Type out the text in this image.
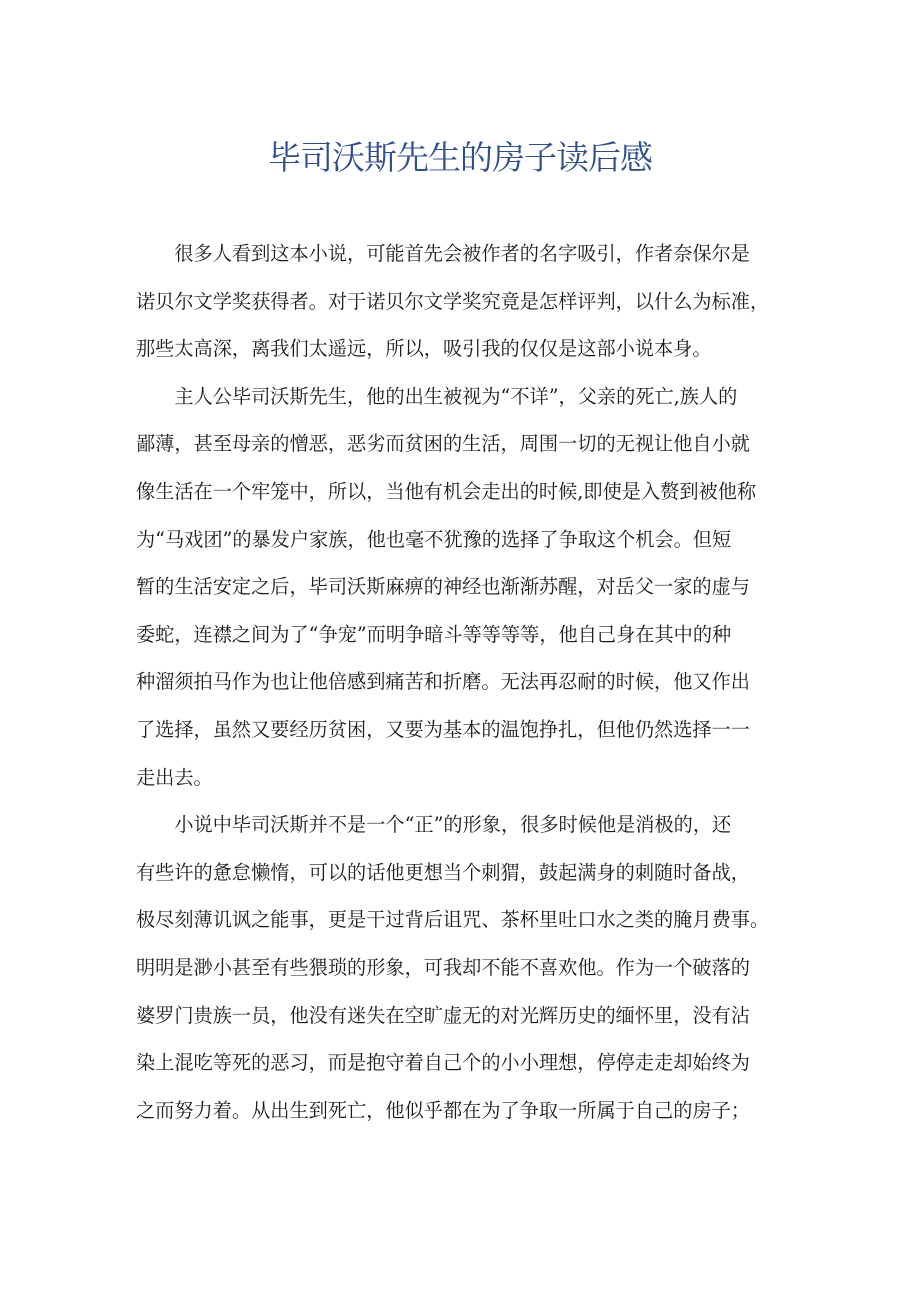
毕司沃斯先生的房子读后感
　　很多人看到这本小说，可能首先会被作者的名字吸引，作者奈保尔是
诺贝尔文学奖获得者。对于诺贝尔文学奖究竟是怎样评判，以什么为标准，
那些太高深，离我们太遥远，所以，吸引我的仅仅是这部小说本身。
　　主人公毕司沃斯先生，他的出生被视为“不详”，父亲的死亡,族人的
鄙薄，甚至母亲的憎恶，恶劣而贫困的生活，周围一切的无视让他自小就
像生活在一个牢笼中，所以，当他有机会走出的时候,即使是入赘到被他称
为“马戏团”的暴发户家族，他也毫不犹豫的选择了争取这个机会。但短
暂的生活安定之后，毕司沃斯麻痹的神经也渐渐苏醒，对岳父一家的虚与
委蛇，连襟之间为了“争宠”而明争暗斗等等等等，他自己身在其中的种
种溜须拍马作为也让他倍感到痛苦和折磨。无法再忍耐的时候，他又作出
了选择，虽然又要经历贫困，又要为基本的温饱挣扎，但他仍然选择一一
走出去。
　　小说中毕司沃斯并不是一个“正”的形象，很多时候他是消极的，还
有些许的惫怠懒惰，可以的话他更想当个刺猬，鼓起满身的刺随时备战，
极尽刻薄讥讽之能事，更是干过背后诅咒、茶杯里吐口水之类的腌月费事。
明明是渺小甚至有些猥琐的形象，可我却不能不喜欢他。作为一个破落的
婆罗门贵族一员，他没有迷失在空旷虚无的对光辉历史的缅怀里，没有沾
染上混吃等死的恶习，而是抱守着自己个的小小理想，停停走走却始终为
之而努力着。从出生到死亡，他似乎都在为了争取一所属于自己的房子；
